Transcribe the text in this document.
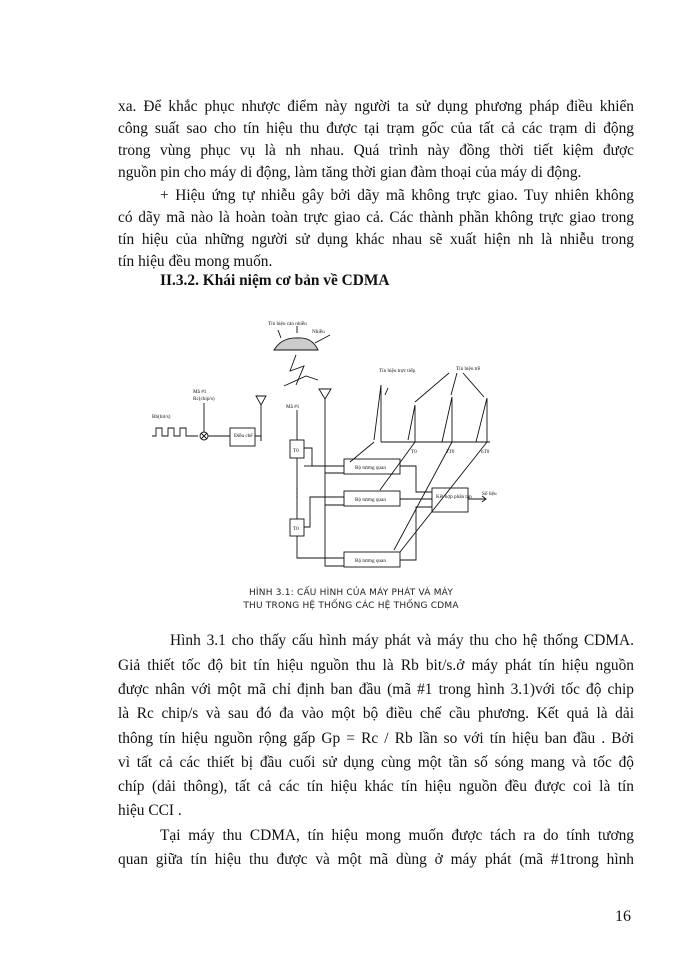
xa. Để khắc phục nhược điểm này người ta sử dụng phương pháp điều khiển
công suất sao cho tín hiệu thu được tại trạm gốc của tất cả các trạm di động
trong vùng phục vụ là nh nhau. Quá trình này đồng thời tiết kiệm được
nguồn pin cho máy di động, làm tăng thời gian đàm thoại của máy di động.
+ Hiệu ứng tự nhiễu gây bởi dãy mã không trực giao. Tuy nhiên không
có dãy mã nào là hoàn toàn trực giao cả. Các thành phần không trực giao trong
tín hiệu của những người sử dụng khác nhau sẽ xuất hiện nh là nhiễu trong
tín hiệu đều mong muốn.
II.3.2. Khái niệm cơ bản về CDMA
Tín hiệu cản nhiễu
Nhiễu
Mã #1
Rc(chip/s)
Rb(bit/s)
Điều chế
Mã #1
Tín hiệu trực tiếp	Tín hiệu trễ
T0	2T0	nT0
T0
T0
Bộ tương quan
Bộ tương quan
Bộ tương quan
Kết hợp phân tập Số liệu
HÌNH 3.1: CẤU HÌNH CỦA MÁY PHÁT VÀ MÁY
THU TRONG HỆ THỐNG CÁC HỆ THỐNG CDMA
Hình 3.1 cho thấy cấu hình máy phát và máy thu cho hệ thống CDMA.
Giả thiết tốc độ bit tín hiệu nguồn thu là Rb bit/s.ở máy phát tín hiệu nguồn
được nhân với một mã chỉ định ban đầu (mã #1 trong hình 3.1)với tốc độ chip
là Rc chip/s và sau đó đa vào một bộ điều chế cầu phương. Kết quả là dải
thông tín hiệu nguồn rộng gấp Gp = Rc / Rb lần so với tín hiệu ban đầu . Bởi
vì tất cả các thiết bị đầu cuối sử dụng cùng một tần số sóng mang và tốc độ
chíp (dải thông), tất cả các tín hiệu khác tín hiệu nguồn đều được coi là tín
hiệu CCI .
Tại máy thu CDMA, tín hiệu mong muốn được tách ra do tính tương
quan giữa tín hiệu thu được và một mã dùng ở máy phát (mã #1trong hình
16
